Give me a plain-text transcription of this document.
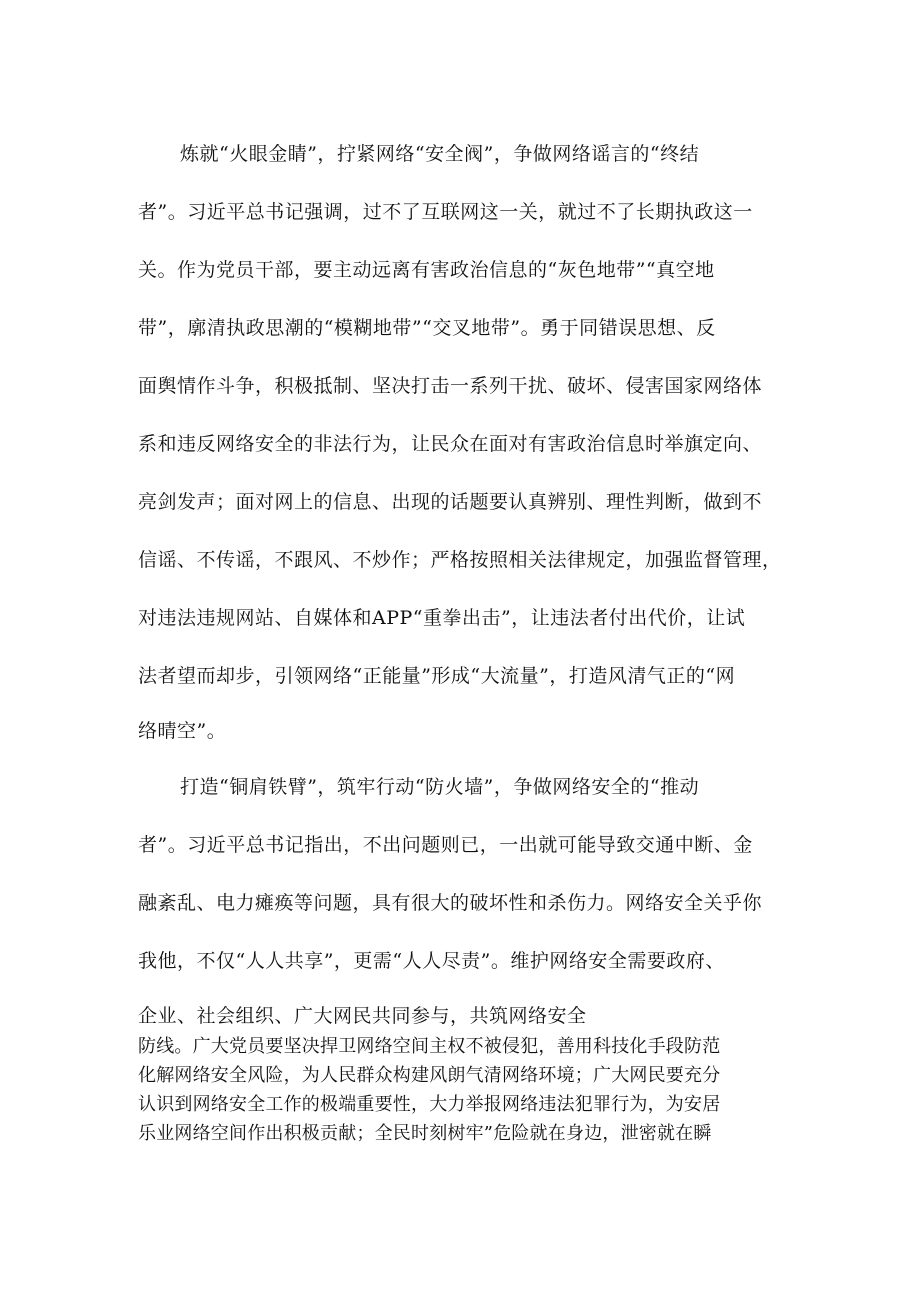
炼就“火眼金睛”，拧紧网络“安全阀”，争做网络谣言的“终结
者”。习近平总书记强调，过不了互联网这一关，就过不了长期执政这一
关。作为党员干部，要主动远离有害政治信息的“灰色地带”“真空地
带”，廓清执政思潮的“模糊地带”“交叉地带”。勇于同错误思想、反
面舆情作斗争，积极抵制、坚决打击一系列干扰、破坏、侵害国家网络体
系和违反网络安全的非法行为，让民众在面对有害政治信息时举旗定向、
亮剑发声；面对网上的信息、出现的话题要认真辨别、理性判断，做到不
信谣、不传谣，不跟风、不炒作；严格按照相关法律规定，加强监督管理，
对违法违规网站、自媒体和APP“重拳出击”，让违法者付出代价，让试
法者望而却步，引领网络“正能量”形成“大流量”，打造风清气正的“网
络晴空”。
打造“铜肩铁臂”，筑牢行动“防火墙”，争做网络安全的“推动
者”。习近平总书记指出，不出问题则已，一出就可能导致交通中断、金
融紊乱、电力瘫痪等问题，具有很大的破坏性和杀伤力。网络安全关乎你
我他，不仅“人人共享”，更需“人人尽责”。维护网络安全需要政府、
企业、社会组织、广大网民共同参与，共筑网络安全
防线。广大党员要坚决捍卫网络空间主权不被侵犯，善用科技化手段防范
化解网络安全风险，为人民群众构建风朗气清网络环境；广大网民要充分
认识到网络安全工作的极端重要性，大力举报网络违法犯罪行为，为安居
乐业网络空间作出积极贡献；全民时刻树牢”危险就在身边，泄密就在瞬
